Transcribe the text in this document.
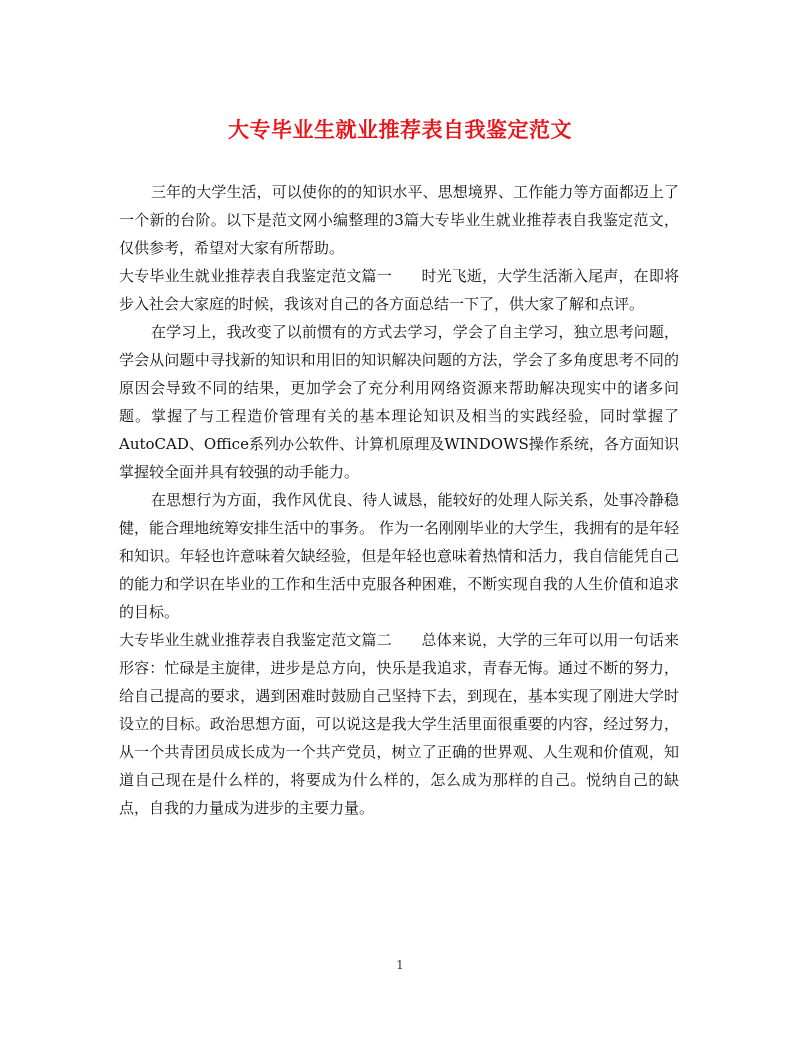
大专毕业生就业推荐表自我鉴定范文

三年的大学生活，可以使你的的知识水平、思想境界、工作能力等方面都迈上了一个新的台阶。以下是范文网小编整理的3篇大专毕业生就业推荐表自我鉴定范文，仅供参考，希望对大家有所帮助。

大专毕业生就业推荐表自我鉴定范文篇一 时光飞逝，大学生活渐入尾声，在即将步入社会大家庭的时候，我该对自己的各方面总结一下了，供大家了解和点评。

在学习上，我改变了以前惯有的方式去学习，学会了自主学习，独立思考问题，学会从问题中寻找新的知识和用旧的知识解决问题的方法，学会了多角度思考不同的原因会导致不同的结果，更加学会了充分利用网络资源来帮助解决现实中的诸多问题。掌握了与工程造价管理有关的基本理论知识及相当的实践经验，同时掌握了AutoCAD、Office系列办公软件、计算机原理及WINDOWS操作系统，各方面知识掌握较全面并具有较强的动手能力。

在思想行为方面，我作风优良、待人诚恳，能较好的处理人际关系，处事冷静稳健，能合理地统筹安排生活中的事务。 作为一名刚刚毕业的大学生，我拥有的是年轻和知识。年轻也许意味着欠缺经验，但是年轻也意味着热情和活力，我自信能凭自己的能力和学识在毕业的工作和生活中克服各种困难，不断实现自我的人生价值和追求的目标。

大专毕业生就业推荐表自我鉴定范文篇二 总体来说，大学的三年可以用一句话来形容：忙碌是主旋律，进步是总方向，快乐是我追求，青春无悔。通过不断的努力，给自己提高的要求，遇到困难时鼓励自己坚持下去，到现在，基本实现了刚进大学时设立的目标。政治思想方面，可以说这是我大学生活里面很重要的内容，经过努力，从一个共青团员成长成为一个共产党员，树立了正确的世界观、人生观和价值观，知道自己现在是什么样的，将要成为什么样的，怎么成为那样的自己。悦纳自己的缺点，自我的力量成为进步的主要力量。

1
